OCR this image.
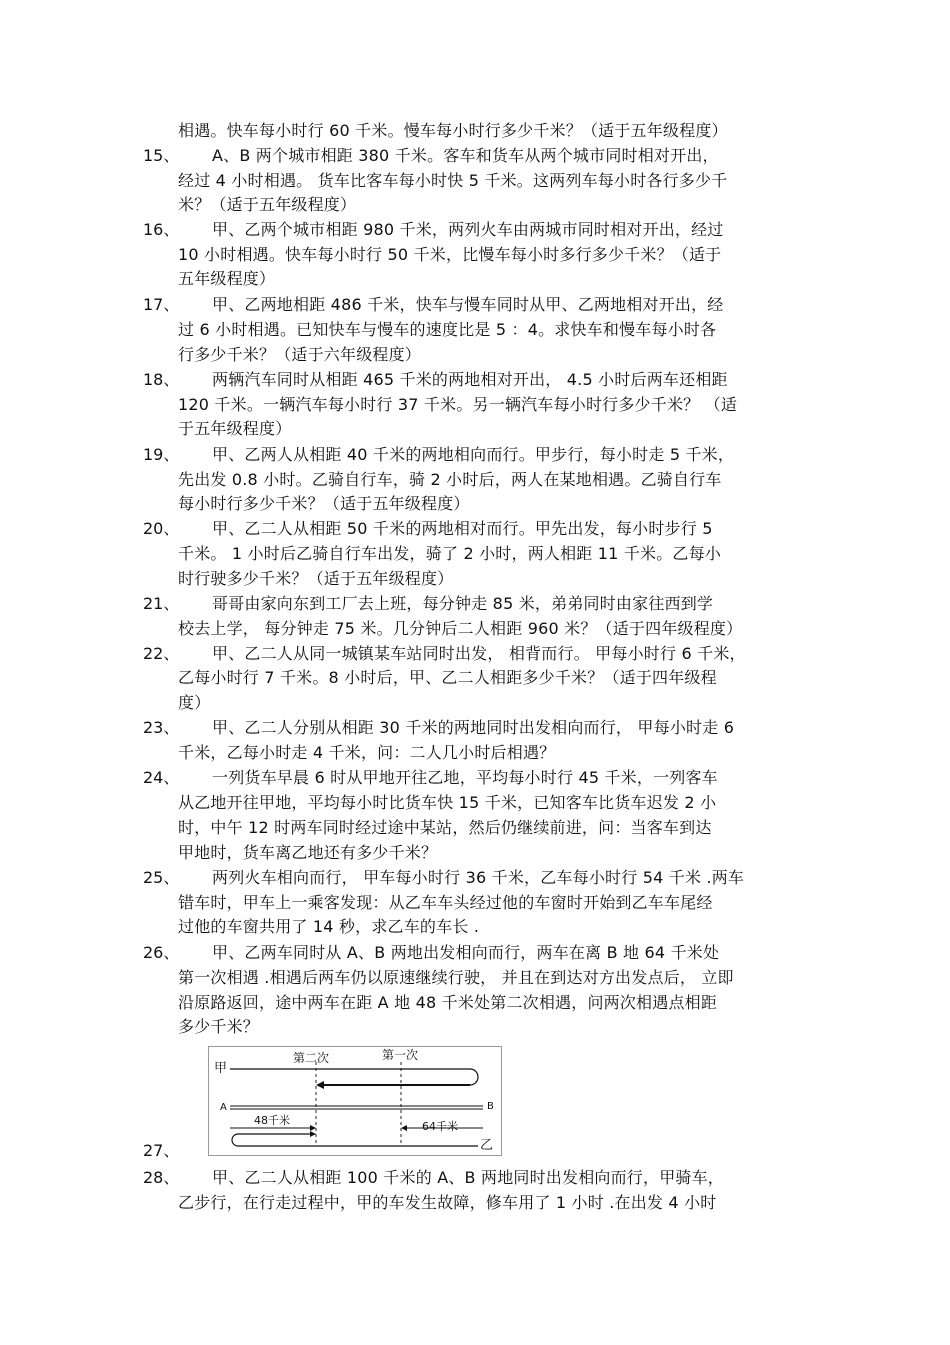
相遇。快车每小时行 60 千米。慢车每小时行多少千米？（适于五年级程度）
15、 A、B 两个城市相距 380 千米。客车和货车从两个城市同时相对开出，
经过 4 小时相遇。 货车比客车每小时快 5 千米。这两列车每小时各行多少千
米？（适于五年级程度）
16、 甲、乙两个城市相距 980 千米，两列火车由两城市同时相对开出，经过
10 小时相遇。快车每小时行 50 千米，比慢车每小时多行多少千米？（适于
五年级程度）
17、 甲、乙两地相距 486 千米，快车与慢车同时从甲、乙两地相对开出，经
过 6 小时相遇。已知快车与慢车的速度比是 5 ：4。求快车和慢车每小时各
行多少千米？（适于六年级程度）
18、 两辆汽车同时从相距 465 千米的两地相对开出， 4.5 小时后两车还相距
120 千米。一辆汽车每小时行 37 千米。另一辆汽车每小时行多少千米？ （适
于五年级程度）
19、 甲、乙两人从相距 40 千米的两地相向而行。甲步行，每小时走 5 千米，
先出发 0.8 小时。乙骑自行车，骑 2 小时后，两人在某地相遇。乙骑自行车
每小时行多少千米？（适于五年级程度）
20、 甲、乙二人从相距 50 千米的两地相对而行。甲先出发，每小时步行 5
千米。 1 小时后乙骑自行车出发，骑了 2 小时，两人相距 11 千米。乙每小
时行驶多少千米？（适于五年级程度）
21、 哥哥由家向东到工厂去上班，每分钟走 85 米，弟弟同时由家往西到学
校去上学， 每分钟走 75 米。几分钟后二人相距 960 米？（适于四年级程度）
22、 甲、乙二人从同一城镇某车站同时出发， 相背而行。 甲每小时行 6 千米，
乙每小时行 7 千米。8 小时后，甲、乙二人相距多少千米？（适于四年级程
度）
23、 甲、乙二人分别从相距 30 千米的两地同时出发相向而行， 甲每小时走 6
千米，乙每小时走 4 千米，问：二人几小时后相遇？
24、 一列货车早晨 6 时从甲地开往乙地，平均每小时行 45 千米，一列客车
从乙地开往甲地，平均每小时比货车快 15 千米，已知客车比货车迟发 2 小
时，中午 12 时两车同时经过途中某站，然后仍继续前进，问：当客车到达
甲地时，货车离乙地还有多少千米？
25、 两列火车相向而行， 甲车每小时行 36 千米，乙车每小时行 54 千米 .两车
错车时，甲车上一乘客发现：从乙车车头经过他的车窗时开始到乙车车尾经
过他的车窗共用了 14 秒，求乙车的车长 .
26、 甲、乙两车同时从 A、B 两地出发相向而行，两车在离 B 地 64 千米处
第一次相遇 .相遇后两车仍以原速继续行驶， 并且在到达对方出发点后， 立即
沿原路返回，途中两车在距 A 地 48 千米处第二次相遇，问两次相遇点相距
多少千米？
27、
第二次	第一次
甲
A	B
乙
48千米	64千米
28、 甲、乙二人从相距 100 千米的 A、B 两地同时出发相向而行，甲骑车，
乙步行，在行走过程中，甲的车发生故障，修车用了 1 小时 .在出发 4 小时
